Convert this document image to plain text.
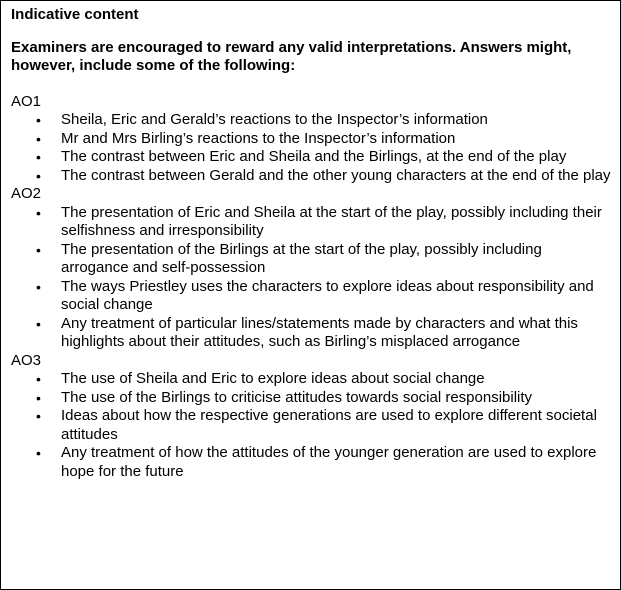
Indicative content

Examiners are encouraged to reward any valid interpretations. Answers might, however, include some of the following:

AO1

• Sheila, Eric and Gerald’s reactions to the Inspector’s information
• Mr and Mrs Birling’s reactions to the Inspector’s information
• The contrast between Eric and Sheila and the Birlings, at the end of the play
• The contrast between Gerald and the other young characters at the end of the play

AO2

• The presentation of Eric and Sheila at the start of the play, possibly including their selfishness and irresponsibility
• The presentation of the Birlings at the start of the play, possibly including arrogance and self-possession
• The ways Priestley uses the characters to explore ideas about responsibility and social change
• Any treatment of particular lines/statements made by characters and what this highlights about their attitudes, such as Birling’s misplaced arrogance

AO3

• The use of Sheila and Eric to explore ideas about social change
• The use of the Birlings to criticise attitudes towards social responsibility
• Ideas about how the respective generations are used to explore different societal attitudes
• Any treatment of how the attitudes of the younger generation are used to explore hope for the future
